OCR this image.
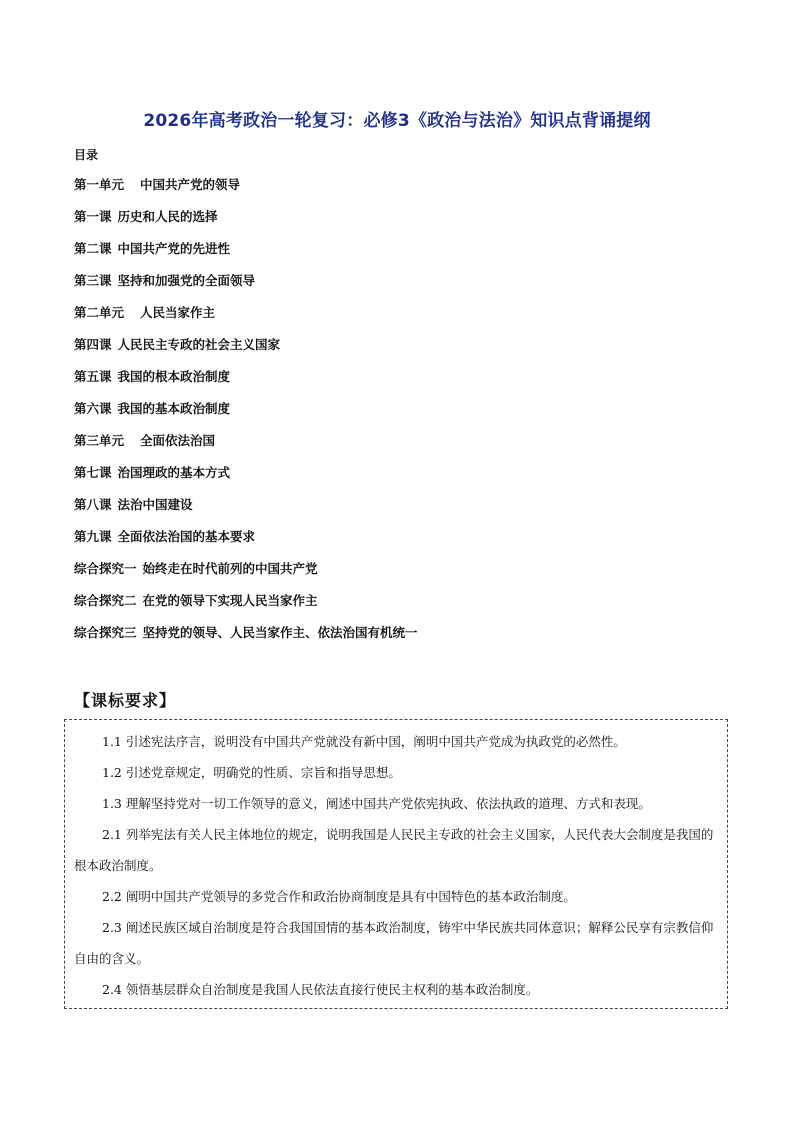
2026年高考政治一轮复习：必修3《政治与法治》知识点背诵提纲
目录
第一单元 中国共产党的领导
第一课 历史和人民的选择
第二课 中国共产党的先进性
第三课 坚持和加强党的全面领导
第二单元 人民当家作主
第四课 人民民主专政的社会主义国家
第五课 我国的根本政治制度
第六课 我国的基本政治制度
第三单元 全面依法治国
第七课 治国理政的基本方式
第八课 法治中国建设
第九课 全面依法治国的基本要求
综合探究一 始终走在时代前列的中国共产党
综合探究二 在党的领导下实现人民当家作主
综合探究三 坚持党的领导、人民当家作主、依法治国有机统一
【课标要求】
1.1 引述宪法序言，说明没有中国共产党就没有新中国，阐明中国共产党成为执政党的必然性。
1.2 引述党章规定，明确党的性质、宗旨和指导思想。
1.3 理解坚持党对一切工作领导的意义，阐述中国共产党依宪执政、依法执政的道理、方式和表现。
2.1 列举宪法有关人民主体地位的规定，说明我国是人民民主专政的社会主义国家，人民代表大会制度是我国的根本政治制度。
2.2 阐明中国共产党领导的多党合作和政治协商制度是具有中国特色的基本政治制度。
2.3 阐述民族区域自治制度是符合我国国情的基本政治制度，铸牢中华民族共同体意识；解释公民享有宗教信仰自由的含义。
2.4 领悟基层群众自治制度是我国人民依法直接行使民主权利的基本政治制度。
